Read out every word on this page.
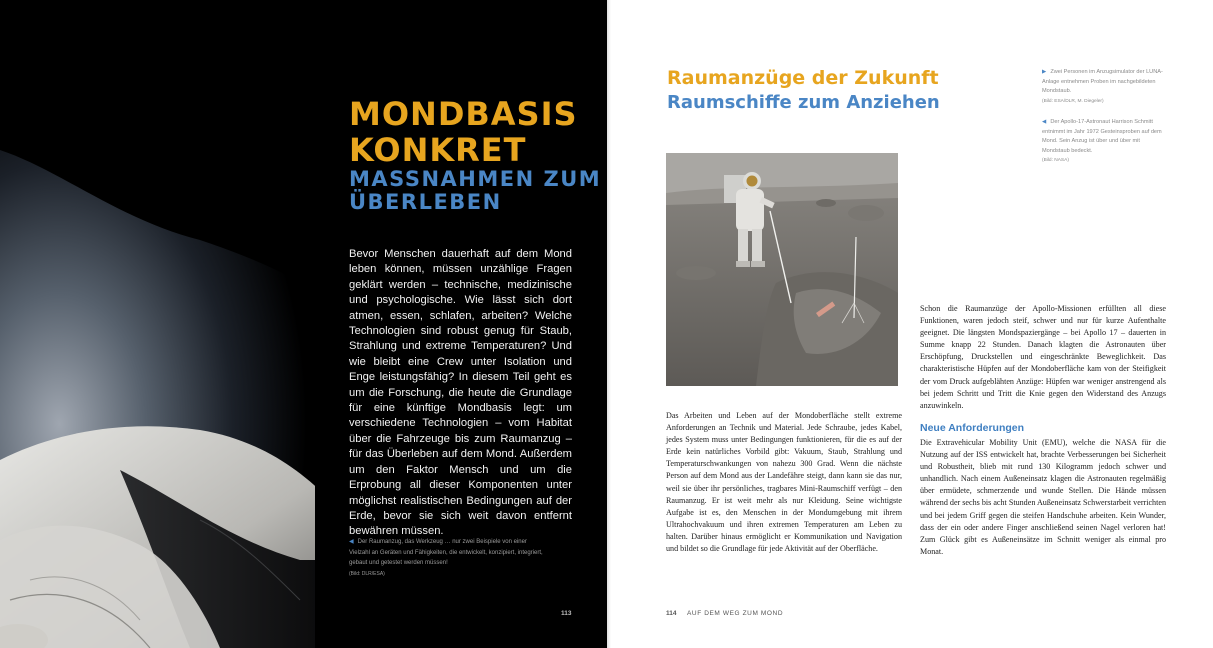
MONDBASIS
KONKRET
MASSNAHMEN ZUM
ÜBERLEBEN

Bevor Menschen dauerhaft auf dem Mond leben können, müssen unzählige Fragen geklärt werden – technische, medizinische und psychologische. Wie lässt sich dort atmen, essen, schlafen, arbeiten? Welche Technologien sind robust genug für Staub, Strahlung und extreme Temperaturen? Und wie bleibt eine Crew unter Isolation und Enge leistungsfähig? In diesem Teil geht es um die Forschung, die heute die Grundlage für eine künftige Mondbasis legt: um verschiedene Technologien – vom Habitat über die Fahrzeuge bis zum Raumanzug – für das Überleben auf dem Mond. Außerdem um den Faktor Mensch und um die Erprobung all dieser Komponenten unter möglichst realistischen Bedingungen auf der Erde, bevor sie sich weit davon entfernt bewähren müssen.

◀ Der Raumanzug, das Werkzeug … nur zwei Beispiele von einer Vielzahl an Geräten und Fähigkeiten, die entwickelt, konzipiert, integriert, gebaut und getestet werden müssen!
(Bild: DLR/ESA)

113
Raumanzüge der Zukunft
Raumschiffe zum Anziehen

▶ Zwei Personen im Anzugsimulator der LUNA-Anlage entnehmen Proben im nachgebildeten Mondstaub.
(Bild: ESA/DLR, M. Diegeler)

◀ Der Apollo-17-Astronaut Harrison Schmitt entnimmt im Jahr 1972 Gesteinsproben auf dem Mond. Sein Anzug ist über und über mit Mondstaub bedeckt.
(Bild: NASA)

Das Arbeiten und Leben auf der Mondoberfläche stellt extreme Anforderungen an Technik und Material. Jede Schraube, jedes Kabel, jedes System muss unter Bedingungen funktionieren, für die es auf der Erde kein natürliches Vorbild gibt: Vakuum, Staub, Strahlung und Temperaturschwankungen von nahezu 300 Grad. Wenn die nächste Person auf dem Mond aus der Landefähre steigt, dann kann sie das nur, weil sie über ihr persönliches, tragbares Mini-Raumschiff verfügt – den Raumanzug. Er ist weit mehr als nur Kleidung. Seine wichtigste Aufgabe ist es, den Menschen in der Mondumgebung mit ihrem Ultrahochvakuum und ihren extremen Temperaturen am Leben zu halten. Darüber hinaus ermöglicht er Kommunikation und Navigation und bildet so die Grundlage für jede Aktivität auf der Oberfläche.

Schon die Raumanzüge der Apollo-Missionen erfüllten all diese Funktionen, waren jedoch steif, schwer und nur für kurze Aufenthalte geeignet. Die längsten Mondspaziergänge – bei Apollo 17 – dauerten in Summe knapp 22 Stunden. Danach klagten die Astronauten über Erschöpfung, Druckstellen und eingeschränkte Beweglichkeit. Das charakteristische Hüpfen auf der Mondoberfläche kam von der Steifigkeit der vom Druck aufgeblähten Anzüge: Hüpfen war weniger anstrengend als bei jedem Schritt und Tritt die Knie gegen den Widerstand des Anzugs anzuwinkeln.

Neue Anforderungen

Die Extravehicular Mobility Unit (EMU), welche die NASA für die Nutzung auf der ISS entwickelt hat, brachte Verbesserungen bei Sicherheit und Robustheit, blieb mit rund 130 Kilogramm jedoch schwer und unhandlich. Nach einem Außeneinsatz klagen die Astronauten regelmäßig über ermüdete, schmerzende und wunde Stellen. Die Hände müssen während der sechs bis acht Stunden Außeneinsatz Schwerstarbeit verrichten und bei jedem Griff gegen die steifen Handschuhe arbeiten. Kein Wunder, dass der ein oder andere Finger anschließend seinen Nagel verloren hat! Zum Glück gibt es Außeneinsätze im Schnitt weniger als einmal pro Monat.

114 AUF DEM WEG ZUM MOND
